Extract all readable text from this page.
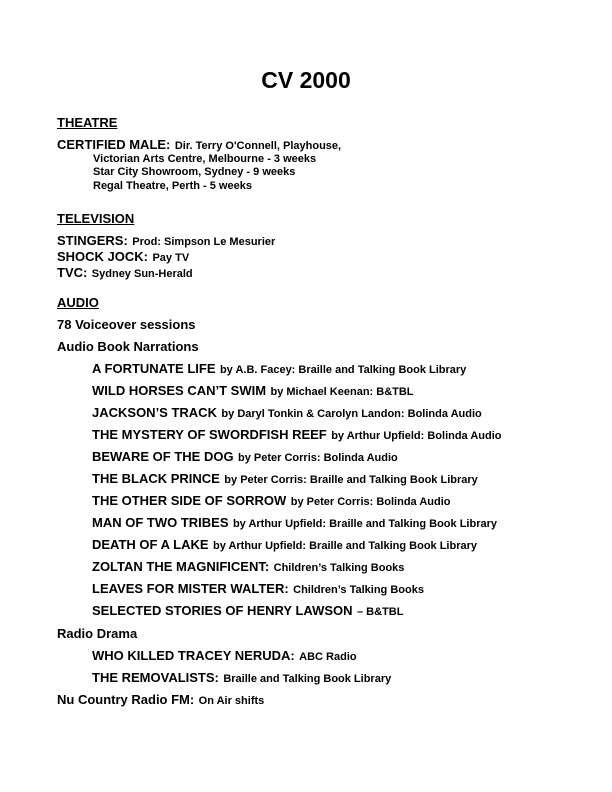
CV 2000
THEATRE
CERTIFIED MALE: Dir. Terry O'Connell, Playhouse,
Victorian Arts Centre, Melbourne - 3 weeks
Star City Showroom, Sydney - 9 weeks
Regal Theatre, Perth - 5 weeks
TELEVISION
STINGERS: Prod: Simpson Le Mesurier
SHOCK JOCK: Pay TV
TVC: Sydney Sun-Herald
AUDIO
78 Voiceover sessions
Audio Book Narrations
A FORTUNATE LIFE by A.B. Facey: Braille and Talking Book Library
WILD HORSES CAN’T SWIM by Michael Keenan: B&TBL
JACKSON’S TRACK by Daryl Tonkin & Carolyn Landon: Bolinda Audio
THE MYSTERY OF SWORDFISH REEF by Arthur Upfield: Bolinda Audio
BEWARE OF THE DOG by Peter Corris: Bolinda Audio
THE BLACK PRINCE by Peter Corris: Braille and Talking Book Library
THE OTHER SIDE OF SORROW by Peter Corris: Bolinda Audio
MAN OF TWO TRIBES by Arthur Upfield: Braille and Talking Book Library
DEATH OF A LAKE by Arthur Upfield: Braille and Talking Book Library
ZOLTAN THE MAGNIFICENT: Children’s Talking Books
LEAVES FOR MISTER WALTER: Children’s Talking Books
SELECTED STORIES OF HENRY LAWSON – B&TBL
Radio Drama
WHO KILLED TRACEY NERUDA: ABC Radio
THE REMOVALISTS: Braille and Talking Book Library
Nu Country Radio FM: On Air shifts
